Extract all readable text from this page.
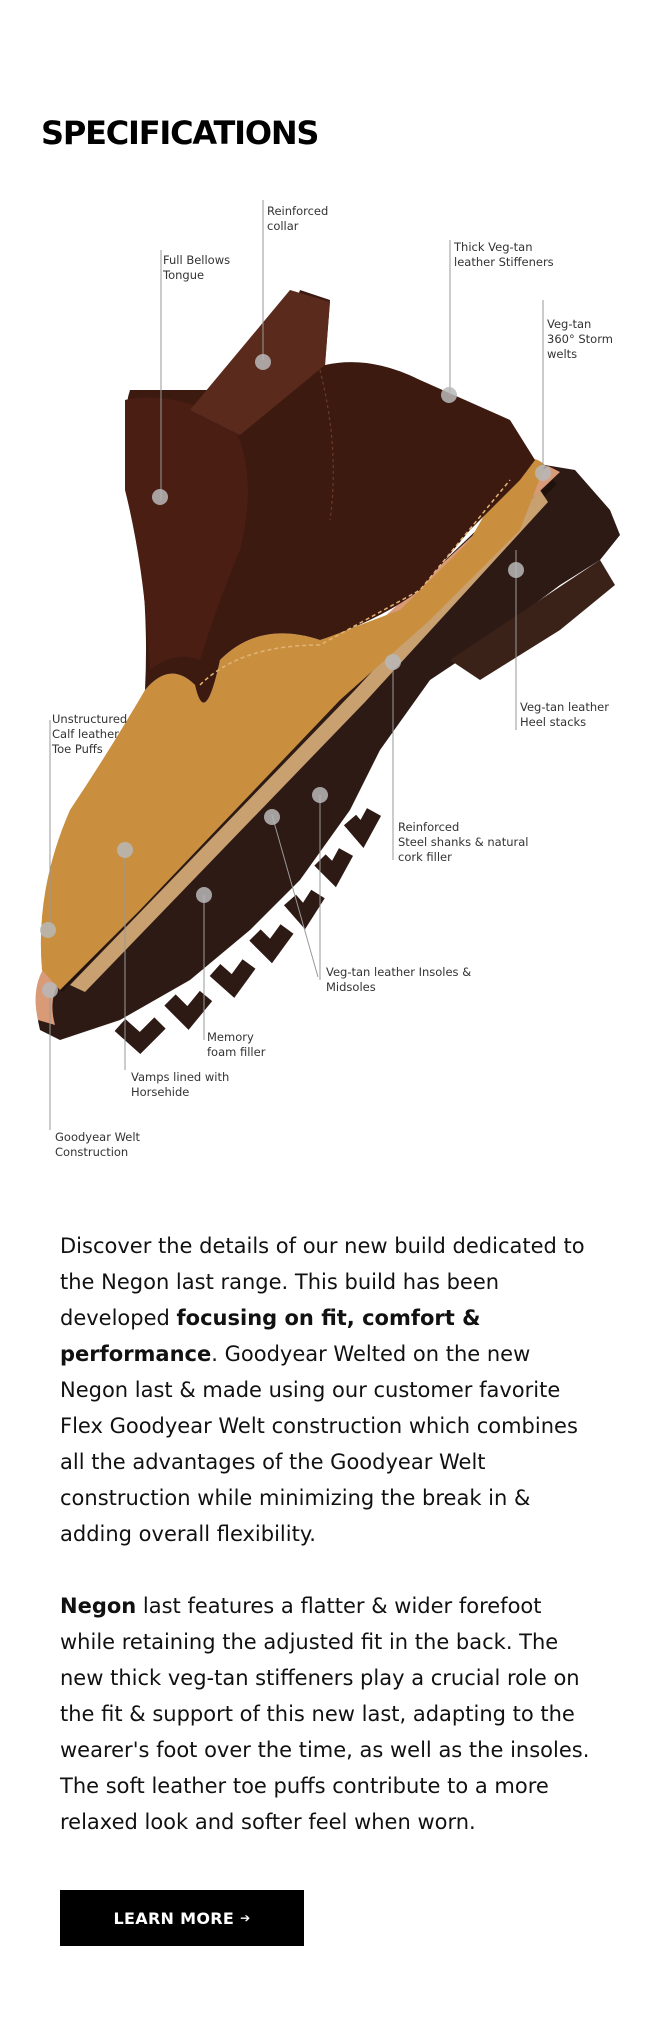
SPECIFICATIONS
Reinforced
collar
Full Bellows
Tongue
Thick Veg-tan
leather Stiffeners
Veg-tan
360° Storm
welts
Veg-tan leather
Heel stacks
Unstructured
Calf leather
Toe Puffs
Reinforced
Steel shanks & natural
cork filler
Veg-tan leather Insoles &
Midsoles
Memory
foam filler
Vamps lined with
Horsehide
Goodyear Welt
Construction

Discover the details of our new build dedicated to the Negon last range. This build has been developed focusing on fit, comfort & performance. Goodyear Welted on the new Negon last & made using our customer favorite Flex Goodyear Welt construction which combines all the advantages of the Goodyear Welt construction while minimizing the break in & adding overall flexibility.

Negon last features a flatter & wider forefoot while retaining the adjusted fit in the back. The new thick veg-tan stiffeners play a crucial role on the fit & support of this new last, adapting to the wearer's foot over the time, as well as the insoles. The soft leather toe puffs contribute to a more relaxed look and softer feel when worn.

LEARN MORE ➔
